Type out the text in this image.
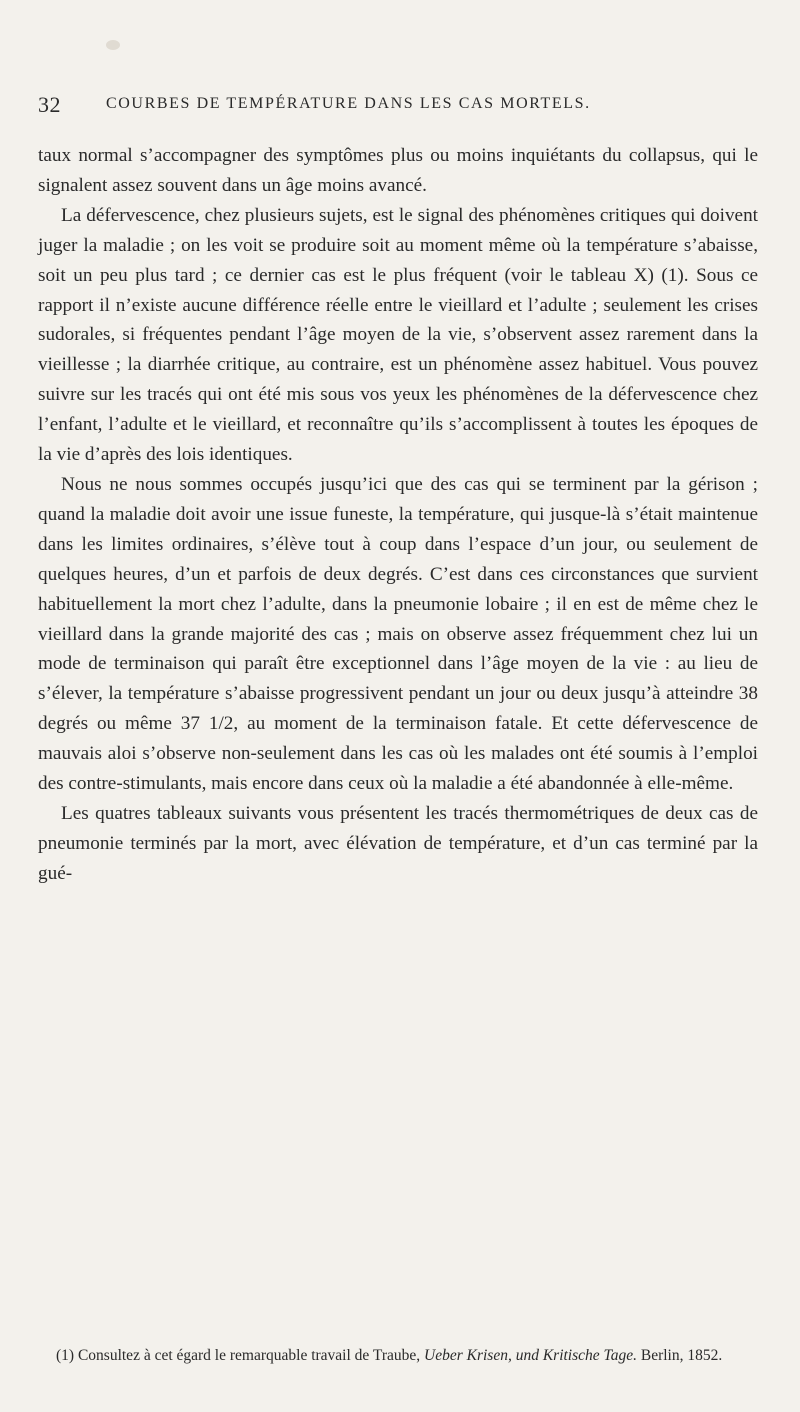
32	COURBES DE TEMPÉRATURE DANS LES CAS MORTELS.

taux normal s’accompagner des symptômes plus ou moins inquiétants du collapsus, qui le signalent assez souvent dans un âge moins avancé.

La défervescence, chez plusieurs sujets, est le signal des phénomènes critiques qui doivent juger la maladie ; on les voit se produire soit au moment même où la température s’abaisse, soit un peu plus tard ; ce dernier cas est le plus fréquent (voir le tableau X) (1). Sous ce rapport il n’existe aucune différence réelle entre le vieillard et l’adulte ; seulement les crises sudorales, si fréquentes pendant l’âge moyen de la vie, s’observent assez rarement dans la vieillesse ; la diarrhée critique, au contraire, est un phénomène assez habituel. Vous pouvez suivre sur les tracés qui ont été mis sous vos yeux les phénomènes de la défervescence chez l’enfant, l’adulte et le vieillard, et reconnaître qu’ils s’accomplissent à toutes les époques de la vie d’après des lois identiques.

Nous ne nous sommes occupés jusqu’ici que des cas qui se terminent par la gérison ; quand la maladie doit avoir une issue funeste, la température, qui jusque-là s’était maintenue dans les limites ordinaires, s’élève tout à coup dans l’espace d’un jour, ou seulement de quelques heures, d’un et parfois de deux degrés. C’est dans ces circonstances que survient habituellement la mort chez l’adulte, dans la pneumonie lobaire ; il en est de même chez le vieillard dans la grande majorité des cas ; mais on observe assez fréquemment chez lui un mode de terminaison qui paraît être exceptionnel dans l’âge moyen de la vie : au lieu de s’élever, la température s’abaisse progressivent pendant un jour ou deux jusqu’à atteindre 38 degrés ou même 37 1/2, au moment de la terminaison fatale. Et cette défervescence de mauvais aloi s’observe non-seulement dans les cas où les malades ont été soumis à l’emploi des contre-stimulants, mais encore dans ceux où la maladie a été abandonnée à elle-même.

Les quatres tableaux suivants vous présentent les tracés thermométriques de deux cas de pneumonie terminés par la mort, avec élévation de température, et d’un cas terminé par la gué-

(1) Consultez à cet égard le remarquable travail de Traube, Ueber Krisen, und Kritische Tage. Berlin, 1852.
